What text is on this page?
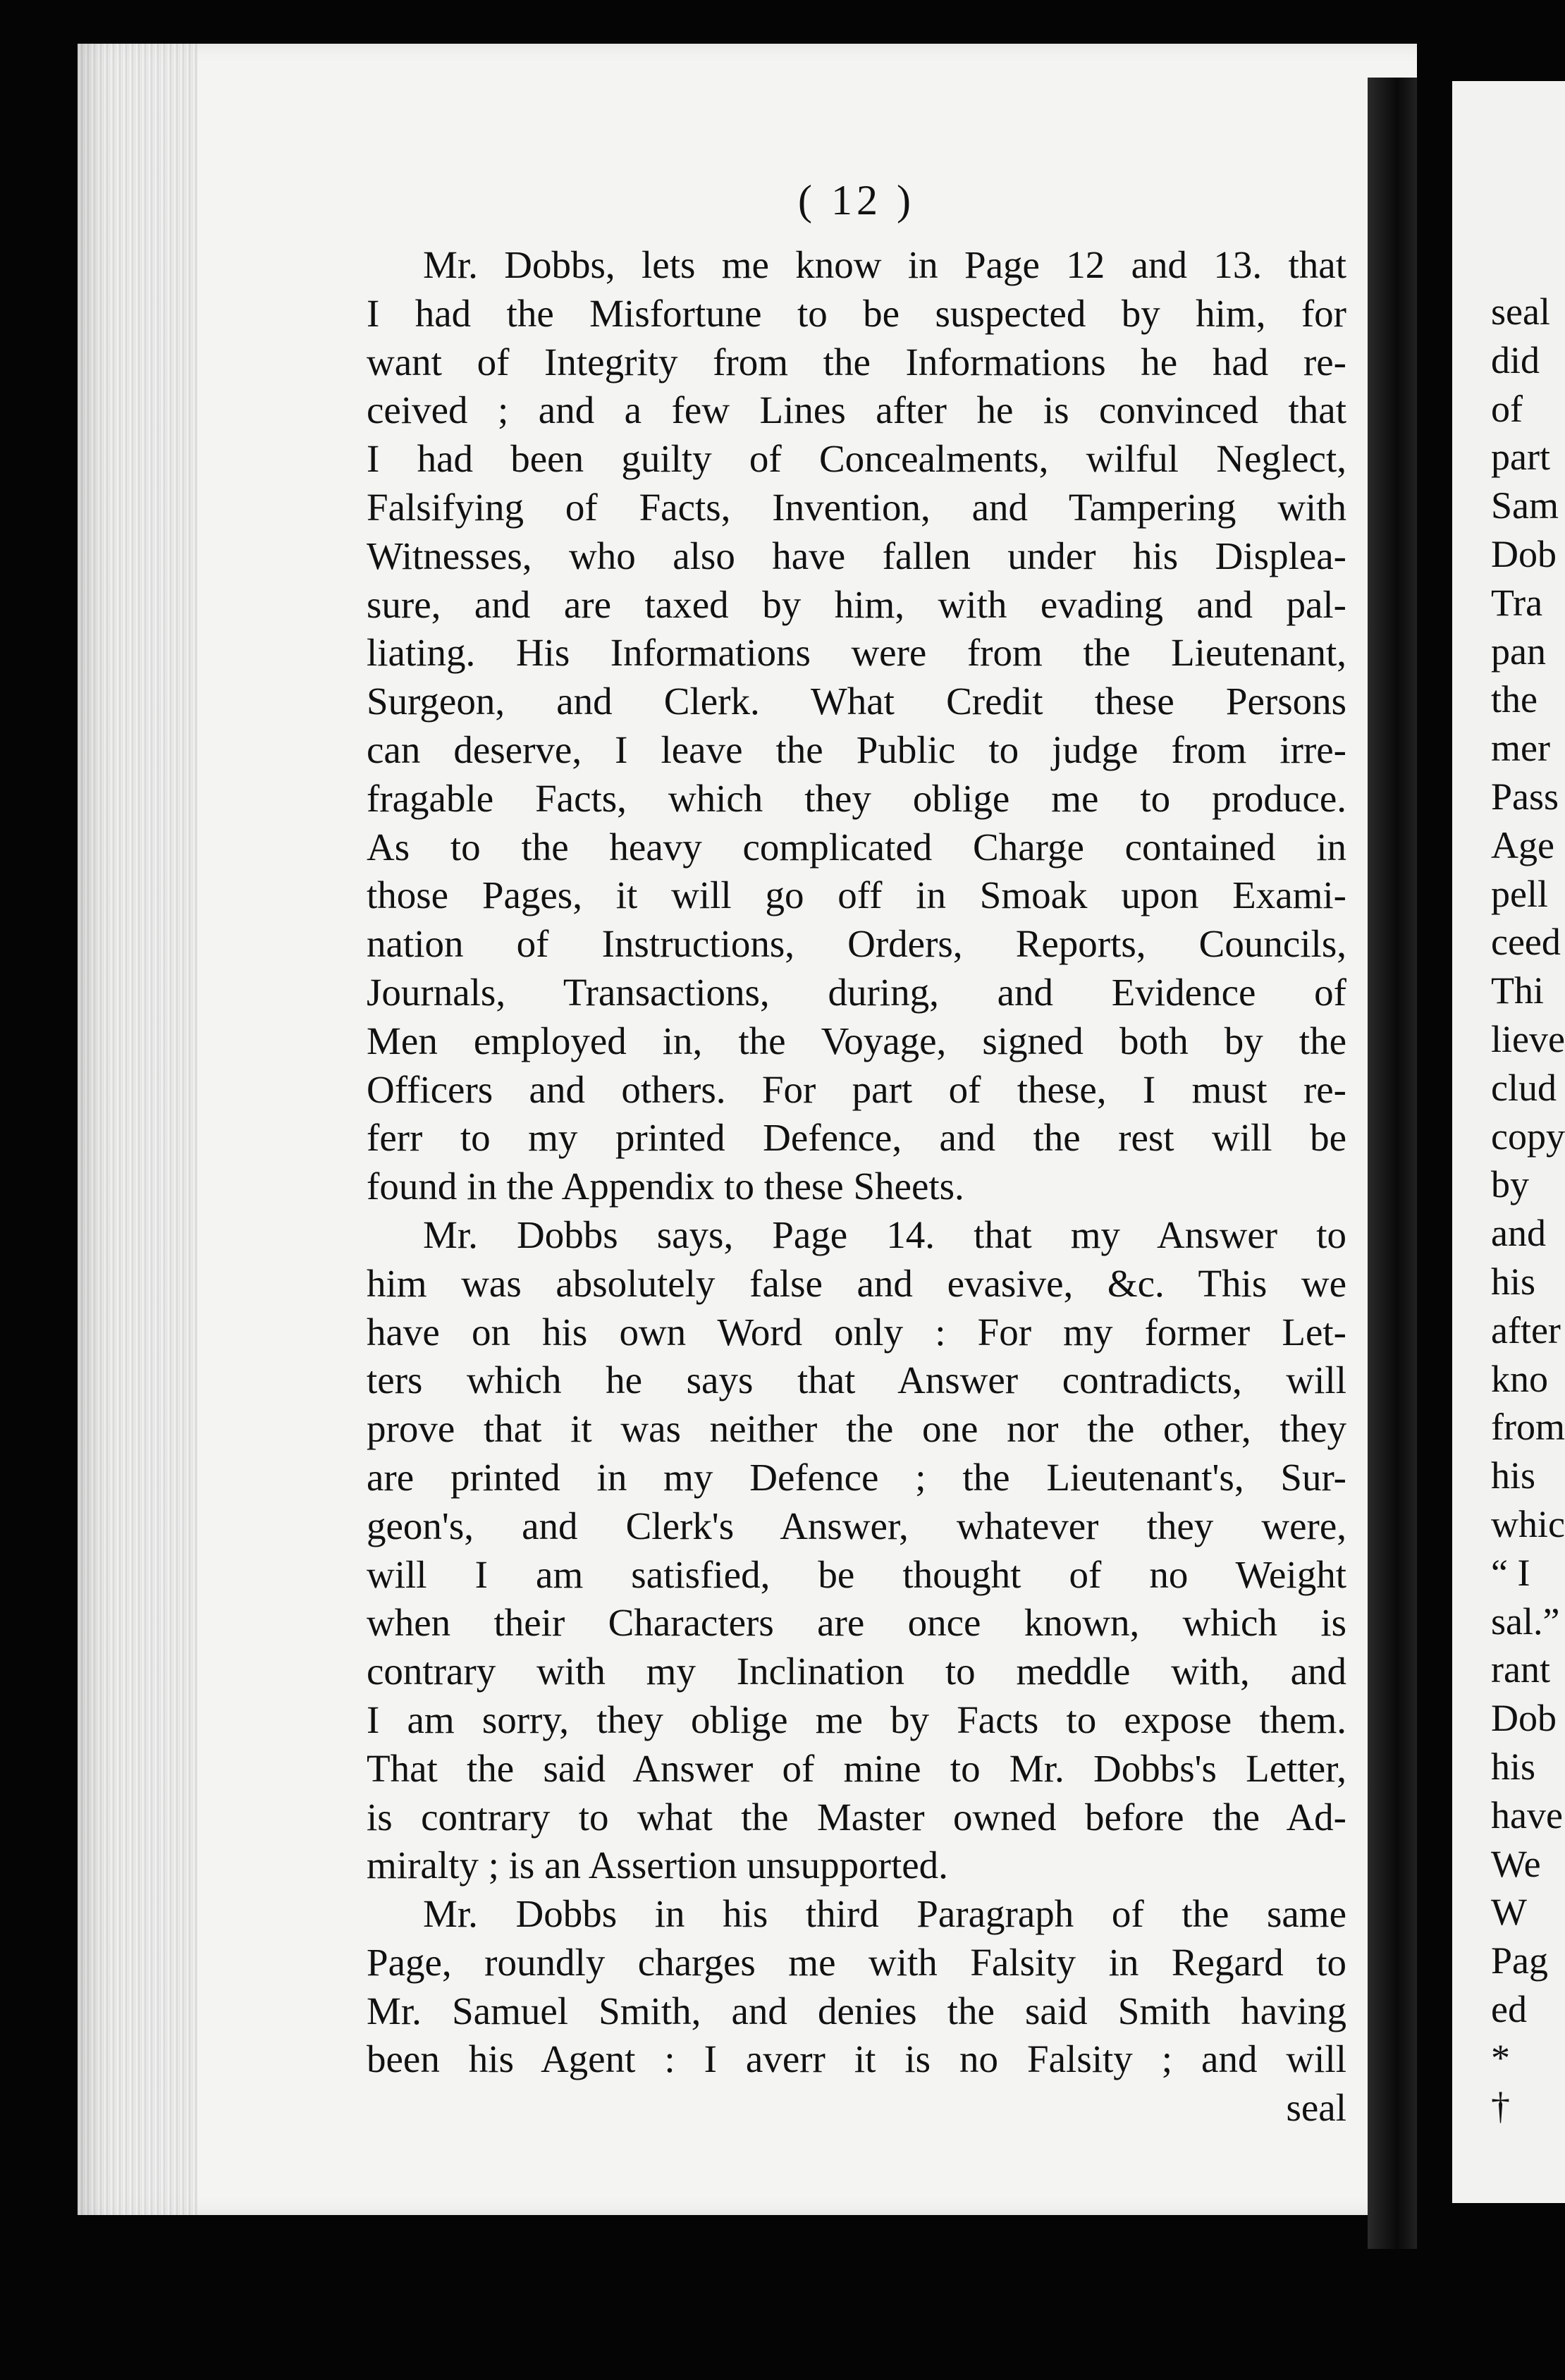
( 12 )
Mr. Dobbs, lets me know in Page 12 and 13. that
I had the Misfortune to be suspected by him, for
want of Integrity from the Informations he had re-
ceived ; and a few Lines after he is convinced that
I had been guilty of Concealments, wilful Neglect,
Falsifying of Facts, Invention, and Tampering with
Witnesses, who also have fallen under his Displea-
sure, and are taxed by him, with evading and pal-
liating. His Informations were from the Lieutenant,
Surgeon, and Clerk. What Credit these Persons
can deserve, I leave the Public to judge from irre-
fragable Facts, which they oblige me to produce.
As to the heavy complicated Charge contained in
those Pages, it will go off in Smoak upon Exami-
nation of Instructions, Orders, Reports, Councils,
Journals, Transactions, during, and Evidence of
Men employed in, the Voyage, signed both by the
Officers and others. For part of these, I must re-
ferr to my printed Defence, and the rest will be
found in the Appendix to these Sheets.
Mr. Dobbs says, Page 14. that my Answer to
him was absolutely false and evasive, &c. This we
have on his own Word only : For my former Let-
ters which he says that Answer contradicts, will
prove that it was neither the one nor the other, they
are printed in my Defence ; the Lieutenant's, Sur-
geon's, and Clerk's Answer, whatever they were,
will I am satisfied, be thought of no Weight
when their Characters are once known, which is
contrary with my Inclination to meddle with, and
I am sorry, they oblige me by Facts to expose them.
That the said Answer of mine to Mr. Dobbs's Letter,
is contrary to what the Master owned before the Ad-
miralty ; is an Assertion unsupported.
Mr. Dobbs in his third Paragraph of the same
Page, roundly charges me with Falsity in Regard to
Mr. Samuel Smith, and denies the said Smith having
been his Agent : I averr it is no Falsity ; and will
seal
seal
did
of
part
Sam
Dob
Tra
pan
the
mer
Pass
Age
pell
ceed
Thi
lieve
clud
copy
by
and
his
after
kno
from
his
whic
“ I
sal.”
rant
Dob
his
have
We
W
Pag
ed
*
†
